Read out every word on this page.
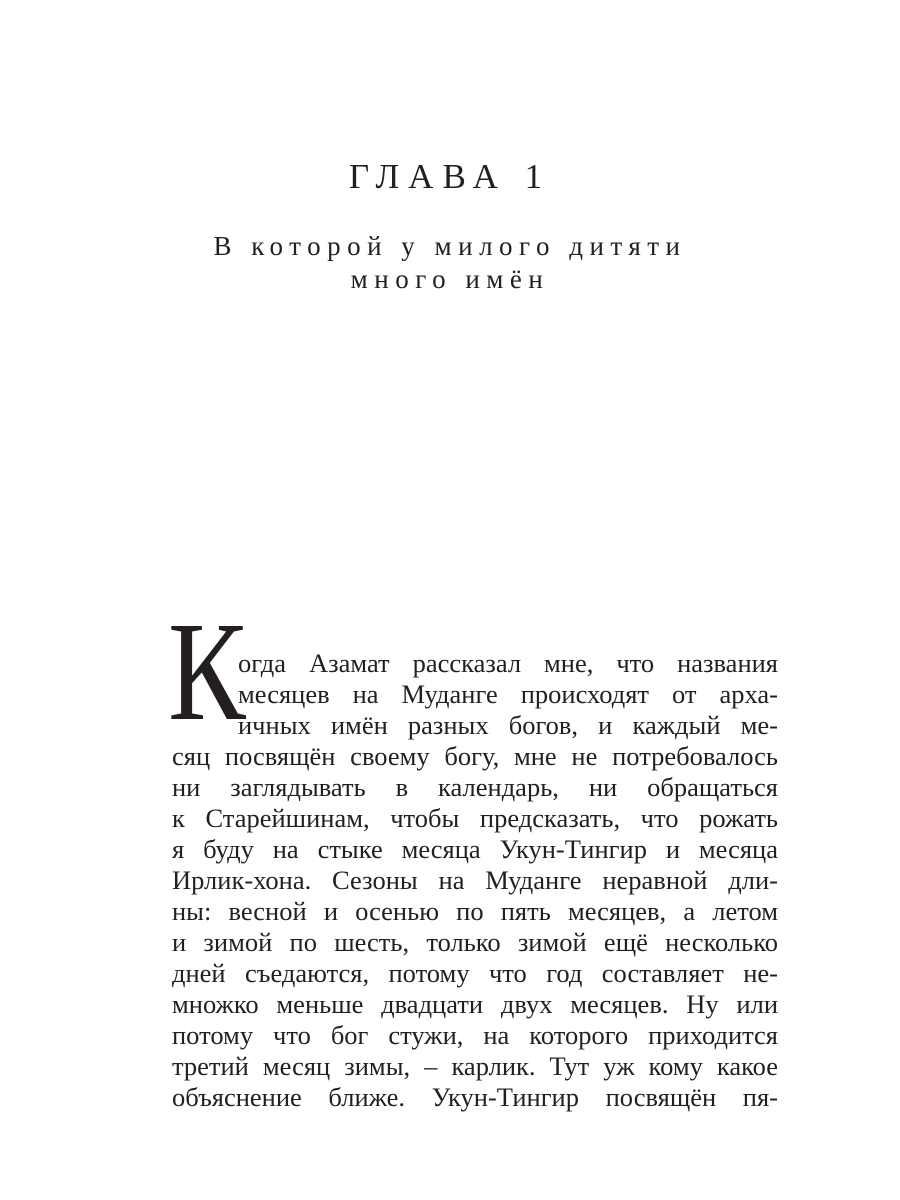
ГЛАВА 1
В которой у милого дитяти
много имён
К
огда Азамат рассказал мне, что названия
месяцев на Муданге происходят от арха-
ичных имён разных богов, и каждый ме-
сяц посвящён своему богу, мне не потребовалось
ни заглядывать в календарь, ни обращаться
к Старейшинам, чтобы предсказать, что рожать
я буду на стыке месяца Укун-Тингир и месяца
Ирлик-хона. Сезоны на Муданге неравной дли-
ны: весной и осенью по пять месяцев, а летом
и зимой по шесть, только зимой ещё несколько
дней съедаются, потому что год составляет не-
множко меньше двадцати двух месяцев. Ну или
потому что бог стужи, на которого приходится
третий месяц зимы, – карлик. Тут уж кому какое
объяснение ближе. Укун-Тингир посвящён пя-
